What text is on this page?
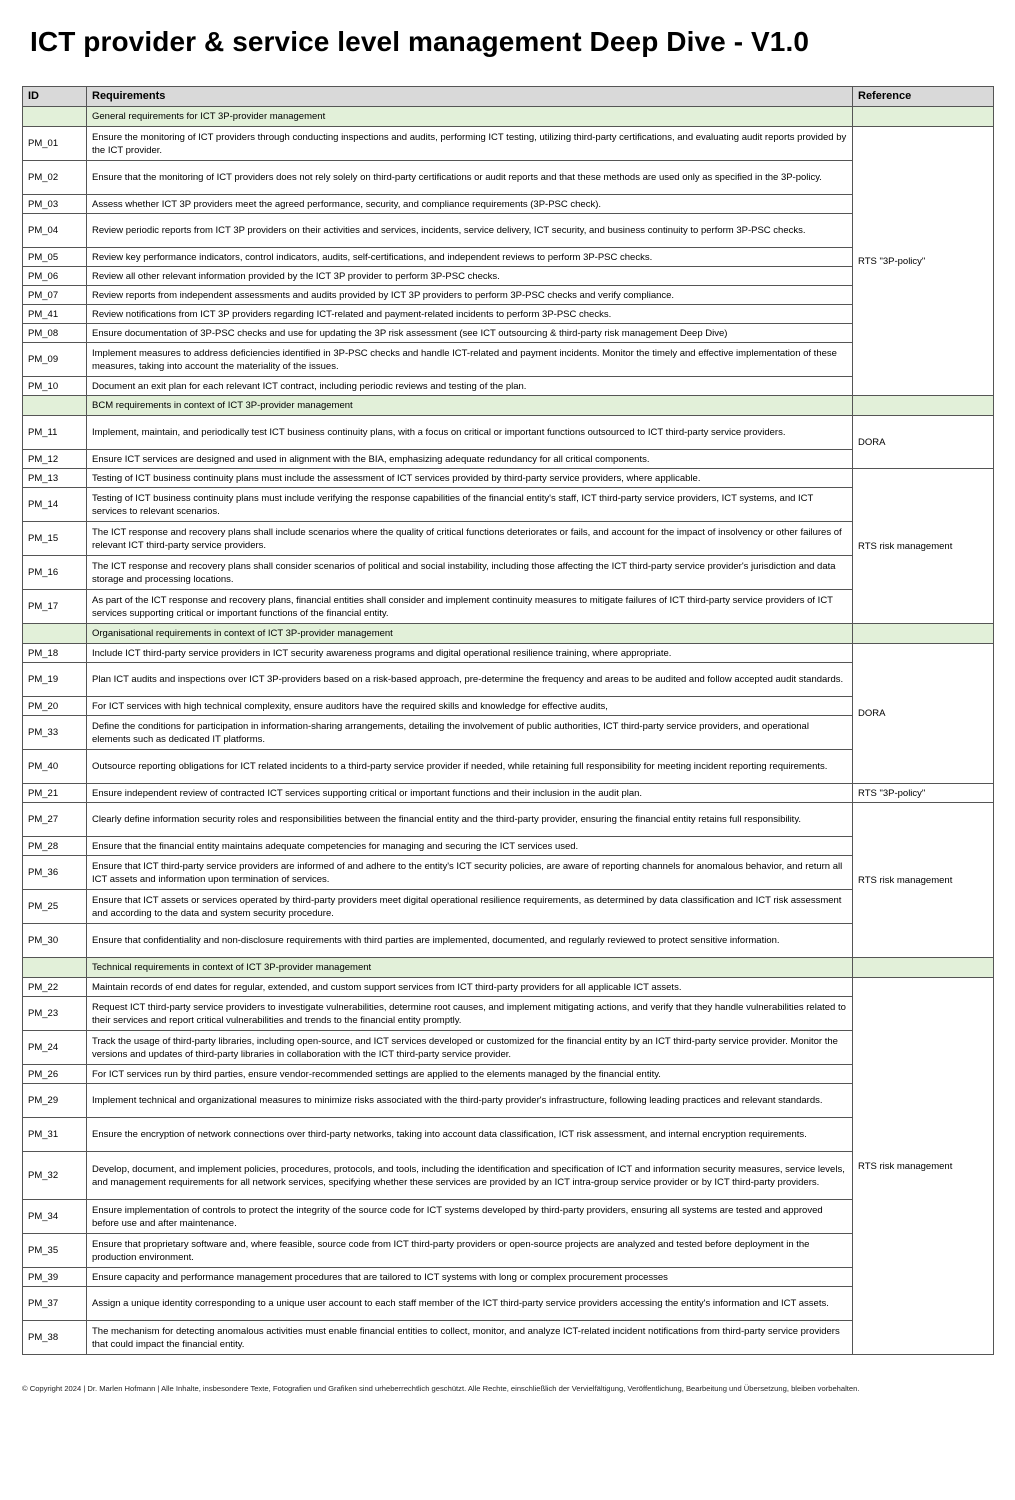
ICT provider & service level management Deep Dive - V1.0
ID	Requirements	Reference
	General requirements for ICT 3P-provider management	
PM_01	Ensure the monitoring of ICT providers through conducting inspections and audits, performing ICT testing, utilizing third-party certifications, and evaluating audit reports provided by the ICT provider.	RTS "3P-policy"
PM_02	Ensure that the monitoring of ICT providers does not rely solely on third-party certifications or audit reports and that these methods are used only as specified in the 3P-policy.	
PM_03	Assess whether ICT 3P providers meet the agreed performance, security, and compliance requirements (3P-PSC check).	
PM_04	Review periodic reports from ICT 3P providers on their activities and services, incidents, service delivery, ICT security, and business continuity to perform 3P-PSC checks.	
PM_05	Review key performance indicators, control indicators, audits, self-certifications, and independent reviews to perform 3P-PSC checks.	
PM_06	Review all other relevant information provided by the ICT 3P provider to perform 3P-PSC checks.	
PM_07	Review reports from independent assessments and audits provided by ICT 3P providers to perform 3P-PSC checks and verify compliance.	
PM_41	Review notifications from ICT 3P providers regarding ICT-related and payment-related incidents to perform 3P-PSC checks.	
PM_08	Ensure documentation of 3P-PSC checks and use for updating the 3P risk assessment (see ICT outsourcing & third-party risk management Deep Dive)	
PM_09	Implement measures to address deficiencies identified in 3P-PSC checks and handle ICT-related and payment incidents. Monitor the timely and effective implementation of these measures, taking into account the materiality of the issues.	
PM_10	Document an exit plan for each relevant ICT contract, including periodic reviews and testing of the plan.	
	BCM requirements in context of ICT 3P-provider management	
PM_11	Implement, maintain, and periodically test ICT business continuity plans, with a focus on critical or important functions outsourced to ICT third-party service providers.	DORA
PM_12	Ensure ICT services are designed and used in alignment with the BIA, emphasizing adequate redundancy for all critical components.	
PM_13	Testing of ICT business continuity plans must include the assessment of ICT services provided by third-party service providers, where applicable.	RTS risk management
PM_14	Testing of ICT business continuity plans must include verifying the response capabilities of the financial entity's staff, ICT third-party service providers, ICT systems, and ICT services to relevant scenarios.	
PM_15	The ICT response and recovery plans shall include scenarios where the quality of critical functions deteriorates or fails, and account for the impact of insolvency or other failures of relevant ICT third-party service providers.	
PM_16	The ICT response and recovery plans shall consider scenarios of political and social instability, including those affecting the ICT third-party service provider's jurisdiction and data storage and processing locations.	
PM_17	As part of the ICT response and recovery plans, financial entities shall consider and implement continuity measures to mitigate failures of ICT third-party service providers of ICT services supporting critical or important functions of the financial entity.	
	Organisational requirements in context of ICT 3P-provider management	
PM_18	Include ICT third-party service providers in ICT security awareness programs and digital operational resilience training, where appropriate.	DORA
PM_19	Plan ICT audits and inspections over ICT 3P-providers based on a risk-based approach, pre-determine the frequency and areas to be audited and follow accepted audit standards.	
PM_20	For ICT services with high technical complexity, ensure auditors have the required skills and knowledge for effective audits,	
PM_33	Define the conditions for participation in information-sharing arrangements, detailing the involvement of public authorities, ICT third-party service providers, and operational elements such as dedicated IT platforms.	
PM_40	Outsource reporting obligations for ICT related incidents to a third-party service provider if needed, while retaining full responsibility for meeting incident reporting requirements.	
PM_21	Ensure independent review of contracted ICT services supporting critical or important functions and their inclusion in the audit plan.	RTS "3P-policy"
PM_27	Clearly define information security roles and responsibilities between the financial entity and the third-party provider, ensuring the financial entity retains full responsibility.	RTS risk management
PM_28	Ensure that the financial entity maintains adequate competencies for managing and securing the ICT services used.	
PM_36	Ensure that ICT third-party service providers are informed of and adhere to the entity's ICT security policies, are aware of reporting channels for anomalous behavior, and return all ICT assets and information upon termination of services.	
PM_25	Ensure that ICT assets or services operated by third-party providers meet digital operational resilience requirements, as determined by data classification and ICT risk assessment and according to the data and system security procedure.	
PM_30	Ensure that confidentiality and non-disclosure requirements with third parties are implemented, documented, and regularly reviewed to protect sensitive information.	
	Technical requirements in context of ICT 3P-provider management	
PM_22	Maintain records of end dates for regular, extended, and custom support services from ICT third-party providers for all applicable ICT assets.	RTS risk management
PM_23	Request ICT third-party service providers to investigate vulnerabilities, determine root causes, and implement mitigating actions, and verify that they handle vulnerabilities related to their services and report critical vulnerabilities and trends to the financial entity promptly.	
PM_24	Track the usage of third-party libraries, including open-source, and ICT services developed or customized for the financial entity by an ICT third-party service provider. Monitor the versions and updates of third-party libraries in collaboration with the ICT third-party service provider.	
PM_26	For ICT services run by third parties, ensure vendor-recommended settings are applied to the elements managed by the financial entity.	
PM_29	Implement technical and organizational measures to minimize risks associated with the third-party provider's infrastructure, following leading practices and relevant standards.	
PM_31	Ensure the encryption of network connections over third-party networks, taking into account data classification, ICT risk assessment, and internal encryption requirements.	
PM_32	Develop, document, and implement policies, procedures, protocols, and tools, including the identification and specification of ICT and information security measures, service levels, and management requirements for all network services, specifying whether these services are provided by an ICT intra-group service provider or by ICT third-party providers.	
PM_34	Ensure implementation of controls to protect the integrity of the source code for ICT systems developed by third-party providers, ensuring all systems are tested and approved before use and after maintenance.	
PM_35	Ensure that proprietary software and, where feasible, source code from ICT third-party providers or open-source projects are analyzed and tested before deployment in the production environment.	
PM_39	Ensure capacity and performance management procedures that are tailored to ICT systems with long or complex procurement processes	
PM_37	Assign a unique identity corresponding to a unique user account to each staff member of the ICT third-party service providers accessing the entity's information and ICT assets.	
PM_38	The mechanism for detecting anomalous activities must enable financial entities to collect, monitor, and analyze ICT-related incident notifications from third-party service providers that could impact the financial entity.	
© Copyright 2024 | Dr. Marlen Hofmann | Alle Inhalte, insbesondere Texte, Fotografien und Grafiken sind urheberrechtlich geschützt. Alle Rechte, einschließlich der Vervielfältigung, Veröffentlichung, Bearbeitung und Übersetzung, bleiben vorbehalten.
